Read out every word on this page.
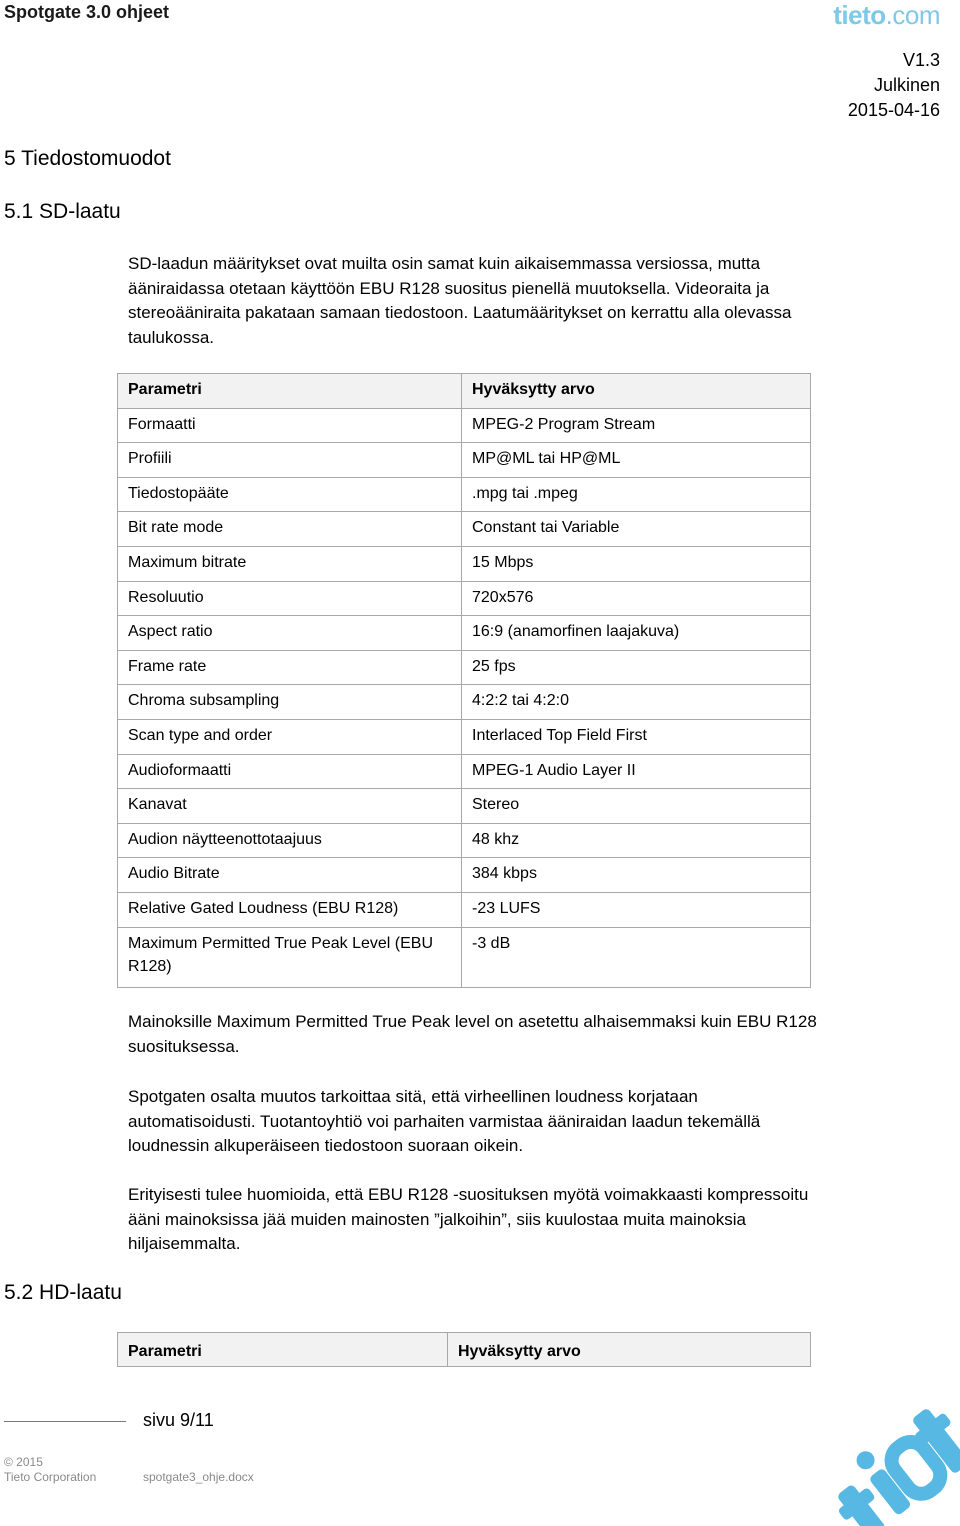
Spotgate 3.0 ohjeet	tieto.com
V1.3
Julkinen
2015-04-16
5 Tiedostomuodot
5.1 SD-laatu
SD-laadun määritykset ovat muilta osin samat kuin aikaisemmassa versiossa, mutta ääniraidassa otetaan käyttöön EBU R128 suositus pienellä muutoksella. Videoraita ja stereoääniraita pakataan samaan tiedostoon. Laatumääritykset on kerrattu alla olevassa taulukossa.
Parametri	Hyväksytty arvo
Formaatti	MPEG-2 Program Stream
Profiili	MP@ML tai HP@ML
Tiedostopääte	.mpg tai .mpeg
Bit rate mode	Constant tai Variable
Maximum bitrate	15 Mbps
Resoluutio	720x576
Aspect ratio	16:9 (anamorfinen laajakuva)
Frame rate	25 fps
Chroma subsampling	4:2:2 tai 4:2:0
Scan type and order	Interlaced Top Field First
Audioformaatti	MPEG-1 Audio Layer II
Kanavat	Stereo
Audion näytteenottotaajuus	48 khz
Audio Bitrate	384 kbps
Relative Gated Loudness (EBU R128)	-23 LUFS
Maximum Permitted True Peak Level (EBU R128)	-3 dB
Mainoksille Maximum Permitted True Peak level on asetettu alhaisemmaksi kuin EBU R128 suosituksessa.
Spotgaten osalta muutos tarkoittaa sitä, että virheellinen loudness korjataan automatisoidusti. Tuotantoyhtiö voi parhaiten varmistaa ääniraidan laadun tekemällä loudnessin alkuperäiseen tiedostoon suoraan oikein.
Erityisesti tulee huomioida, että EBU R128 -suosituksen myötä voimakkaasti kompressoitu ääni mainoksissa jää muiden mainosten ”jalkoihin”, siis kuulostaa muita mainoksia hiljaisemmalta.
5.2 HD-laatu
Parametri	Hyväksytty arvo
sivu 9/11
© 2015
Tieto Corporation	spotgate3_ohje.docx
